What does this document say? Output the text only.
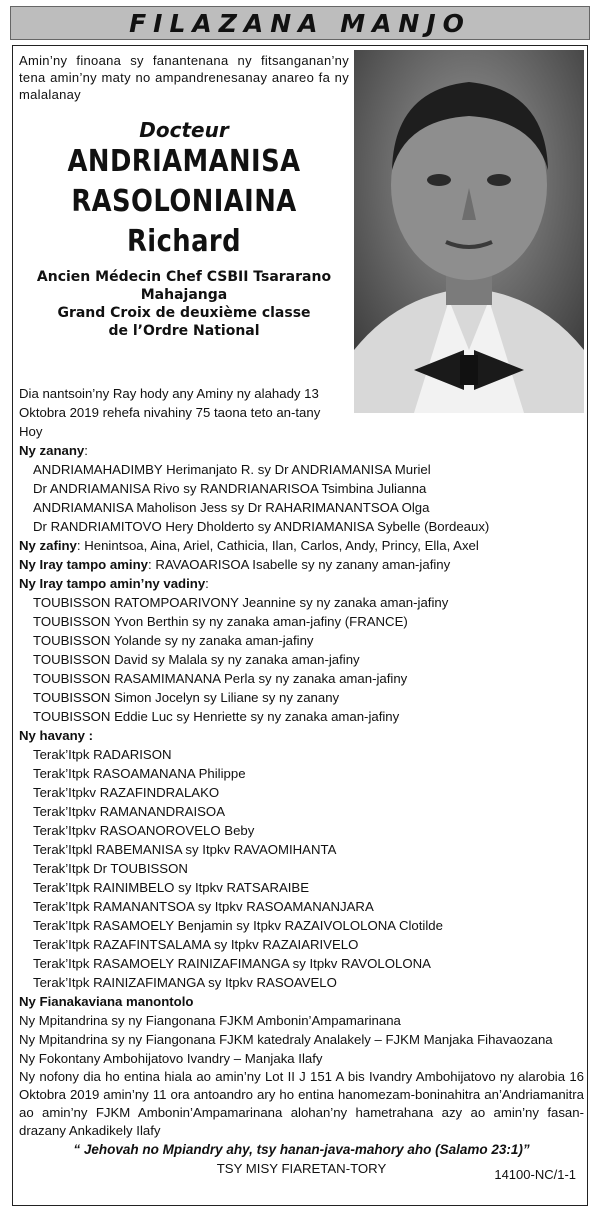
FILAZANA MANJO
Amin’ny finoana sy fanantenana ny fitsanganan’ny tena amin’ny maty no ampandrenesanay anareo fa ny malalanay
Docteur
ANDRIAMANISA
RASOLONIAINA
Richard
Ancien Médecin Chef CSBII Tsararano
Mahajanga
Grand Croix de deuxième classe
de l’Ordre National

Dia nantsoin’ny Ray hody any Aminy ny alahady 13 Oktobra 2019 rehefa nivahiny 75 taona teto an-tany Hoy

Ny zanany:

ANDRIAMAHADIMBY Herimanjato R. sy Dr ANDRIAMANISA Muriel

Dr ANDRIAMANISA Rivo sy RANDRIANARISOA Tsimbina Julianna

ANDRIAMANISA Maholison Jess sy Dr RAHARIMANANTSOA Olga

Dr RANDRIAMITOVO Hery Dholderto sy ANDRIAMANISA Sybelle (Bordeaux)

Ny zafiny: Henintsoa, Aina, Ariel, Cathicia, Ilan, Carlos, Andy, Princy, Ella, Axel

Ny Iray tampo aminy: RAVAOARISOA Isabelle sy ny zanany aman-jafiny

Ny Iray tampo amin’ny vadiny:

TOUBISSON RATOMPOARIVONY Jeannine sy ny zanaka aman-jafiny

TOUBISSON Yvon Berthin sy ny zanaka aman-jafiny (FRANCE)

TOUBISSON Yolande sy ny zanaka aman-jafiny

TOUBISSON David sy Malala sy ny zanaka aman-jafiny

TOUBISSON RASAMIMANANA Perla sy ny zanaka aman-jafiny

TOUBISSON Simon Jocelyn sy Liliane sy ny zanany

TOUBISSON Eddie Luc sy Henriette sy ny zanaka aman-jafiny

Ny havany :

Terak’Itpk RADARISON

Terak’Itpk RASOAMANANA Philippe

Terak’Itpkv RAZAFINDRALAKO

Terak’Itpkv RAMANANDRAISOA

Terak’Itpkv RASOANOROVELO Beby

Terak’Itpkl RABEMANISA sy Itpkv RAVAOMIHANTA

Terak’Itpk Dr TOUBISSON

Terak’Itpk RAINIMBELO sy Itpkv RATSARAIBE

Terak’Itpk RAMANANTSOA sy Itpkv RASOAMANANJARA

Terak’Itpk RASAMOELY Benjamin sy Itpkv RAZAIVOLOLONA Clotilde

Terak’Itpk RAZAFINTSALAMA sy Itpkv RAZAIARIVELO

Terak’Itpk RASAMOELY RAINIZAFIMANGA sy Itpkv RAVOLOLONA

Terak’Itpk RAINIZAFIMANGA sy Itpkv RASOAVELO

Ny Fianakaviana manontolo

Ny Mpitandrina sy ny Fiangonana FJKM Ambonin’Ampamarinana

Ny Mpitandrina sy ny Fiangonana FJKM katedraly Analakely – FJKM Manjaka Fihavaozana

Ny Fokontany Ambohijatovo Ivandry – Manjaka Ilafy

Ny nofony dia ho entina hiala ao amin’ny Lot II J 151 A bis Ivandry Ambohijatovo ny alarobia 16 Oktobra 2019 amin’ny 11 ora antoandro ary ho entina hanomezam-boninahitra an’Andriamanitra ao amin’ny FJKM Ambonin’Ampamarinana alohan’ny hametrahana azy ao amin’ny fasan-drazany Ankadikely Ilafy

“ Jehovah no Mpiandry ahy, tsy hanan-java-mahory aho (Salamo 23:1)”

TSY MISY FIARETAN-TORY	14100-NC/1-1
